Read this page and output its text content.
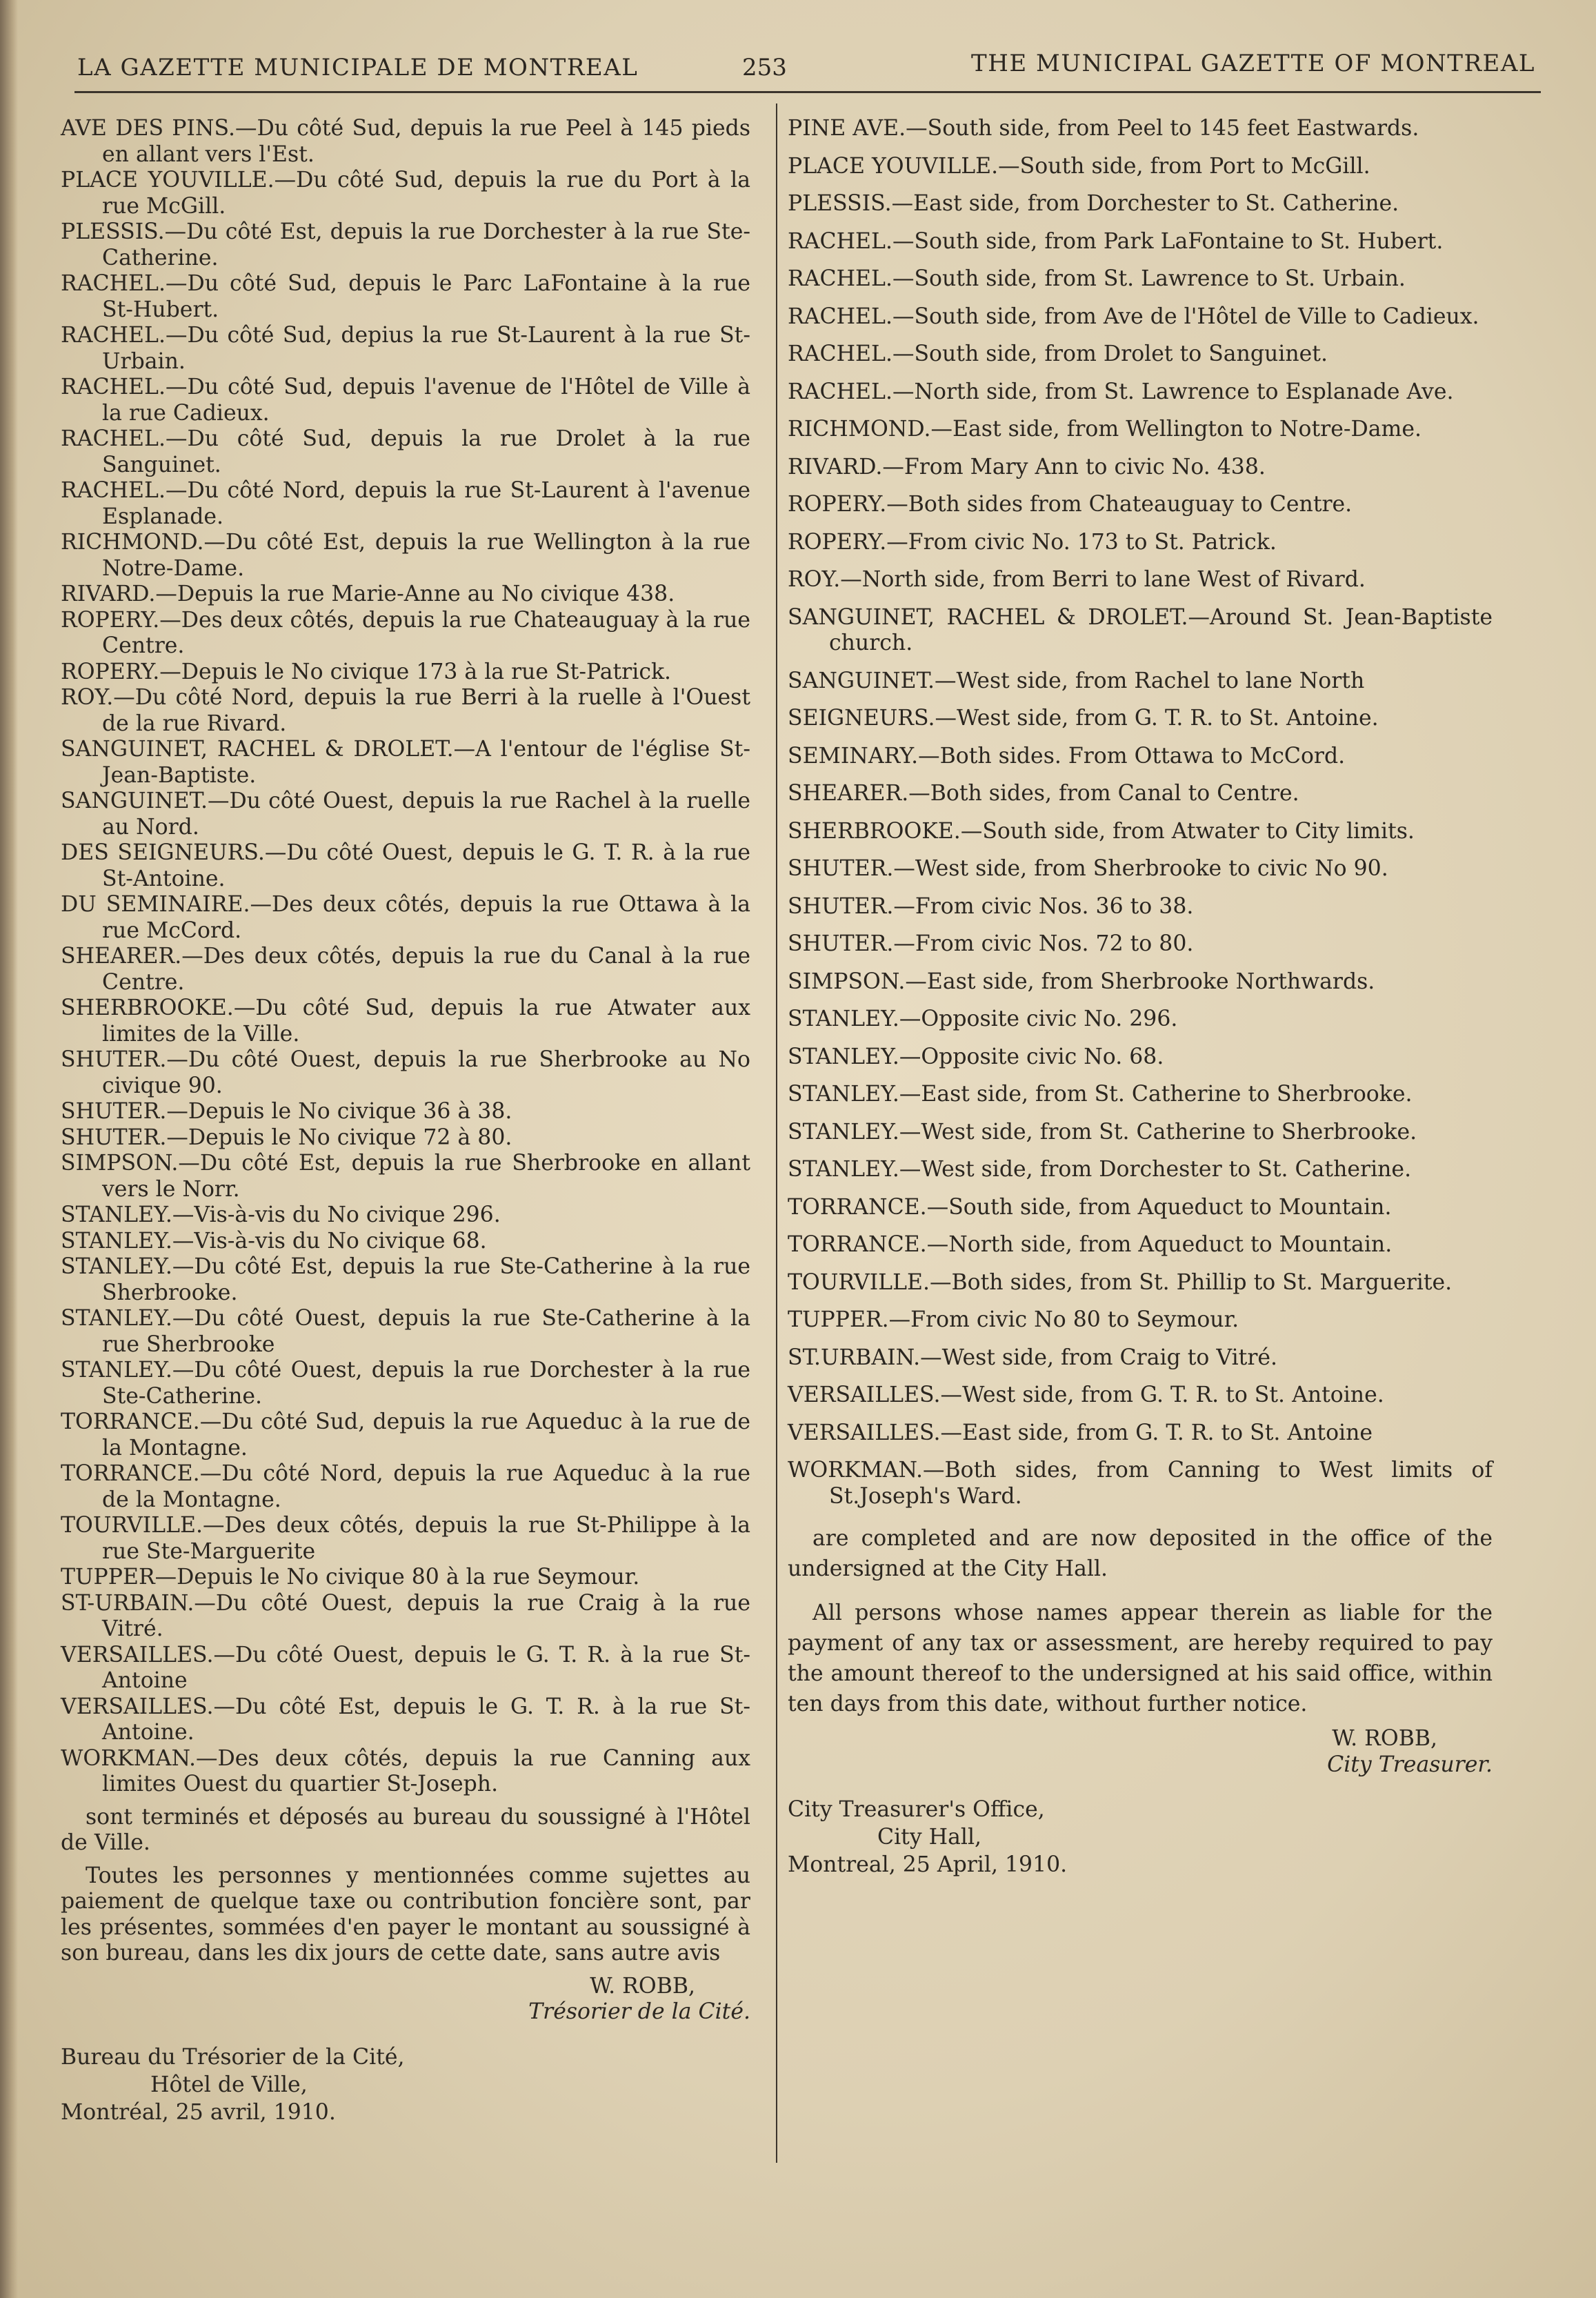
LA GAZETTE MUNICIPALE DE MONTREAL	253	THE MUNICIPAL GAZETTE OF MONTREAL
AVE DES PINS.—Du côté Sud, depuis la rue Peel à 145 pieds en allant vers l'Est.
PLACE YOUVILLE.—Du côté Sud, depuis la rue du Port à la rue McGill.
PLESSIS.—Du côté Est, depuis la rue Dorchester à la rue Ste-Catherine.
RACHEL.—Du côté Sud, depuis le Parc LaFontaine à la rue St-Hubert.
RACHEL.—Du côté Sud, depius la rue St-Laurent à la rue St-Urbain.
RACHEL.—Du côté Sud, depuis l'avenue de l'Hôtel de Ville à la rue Cadieux.
RACHEL.—Du côté Sud, depuis la rue Drolet à la rue Sanguinet.
RACHEL.—Du côté Nord, depuis la rue St-Laurent à l'avenue Esplanade.
RICHMOND.—Du côté Est, depuis la rue Wellington à la rue Notre-Dame.
RIVARD.—Depuis la rue Marie-Anne au No civique 438.
ROPERY.—Des deux côtés, depuis la rue Chateauguay à la rue Centre.
ROPERY.—Depuis le No civique 173 à la rue St-Patrick.
ROY.—Du côté Nord, depuis la rue Berri à la ruelle à l'Ouest de la rue Rivard.
SANGUINET, RACHEL & DROLET.—A l'entour de l'église St-Jean-Baptiste.
SANGUINET.—Du côté Ouest, depuis la rue Rachel à la ruelle au Nord.
DES SEIGNEURS.—Du côté Ouest, depuis le G. T. R. à la rue St-Antoine.
DU SEMINAIRE.—Des deux côtés, depuis la rue Ottawa à la rue McCord.
SHEARER.—Des deux côtés, depuis la rue du Canal à la rue Centre.
SHERBROOKE.—Du côté Sud, depuis la rue Atwater aux limites de la Ville.
SHUTER.—Du côté Ouest, depuis la rue Sherbrooke au No civique 90.
SHUTER.—Depuis le No civique 36 à 38.
SHUTER.—Depuis le No civique 72 à 80.
SIMPSON.—Du côté Est, depuis la rue Sherbrooke en allant vers le Norr.
STANLEY.—Vis-à-vis du No civique 296.
STANLEY.—Vis-à-vis du No civique 68.
STANLEY.—Du côté Est, depuis la rue Ste-Catherine à la rue Sherbrooke.
STANLEY.—Du côté Ouest, depuis la rue Ste-Catherine à la rue Sherbrooke
STANLEY.—Du côté Ouest, depuis la rue Dorchester à la rue Ste-Catherine.
TORRANCE.—Du côté Sud, depuis la rue Aqueduc à la rue de la Montagne.
TORRANCE.—Du côté Nord, depuis la rue Aqueduc à la rue de la Montagne.
TOURVILLE.—Des deux côtés, depuis la rue St-Philippe à la rue Ste-Marguerite
TUPPER—Depuis le No civique 80 à la rue Seymour.
ST-URBAIN.—Du côté Ouest, depuis la rue Craig à la rue Vitré.
VERSAILLES.—Du côté Ouest, depuis le G. T. R. à la rue St-Antoine
VERSAILLES.—Du côté Est, depuis le G. T. R. à la rue St-Antoine.
WORKMAN.—Des deux côtés, depuis la rue Canning aux limites Ouest du quartier St-Joseph.

sont terminés et déposés au bureau du soussigné à l'Hôtel de Ville.

Toutes les personnes y mentionnées comme sujettes au paiement de quelque taxe ou contribution foncière sont, par les présentes, sommées d'en payer le montant au soussigné à son bureau, dans les dix jours de cette date, sans autre avis

W. ROBB,
Trésorier de la Cité.
Bureau du Trésorier de la Cité,
Hôtel de Ville,
Montréal, 25 avril, 1910.
PINE AVE.—South side, from Peel to 145 feet Eastwards.
PLACE YOUVILLE.—South side, from Port to McGill.
PLESSIS.—East side, from Dorchester to St. Catherine.
RACHEL.—South side, from Park LaFontaine to St. Hubert.
RACHEL.—South side, from St. Lawrence to St. Urbain.
RACHEL.—South side, from Ave de l'Hôtel de Ville to Cadieux.
RACHEL.—South side, from Drolet to Sanguinet.
RACHEL.—North side, from St. Lawrence to Esplanade Ave.
RICHMOND.—East side, from Wellington to Notre-Dame.
RIVARD.—From Mary Ann to civic No. 438.
ROPERY.—Both sides from Chateauguay to Centre.
ROPERY.—From civic No. 173 to St. Patrick.
ROY.—North side, from Berri to lane West of Rivard.
SANGUINET, RACHEL & DROLET.—Around St. Jean-Baptiste church.
SANGUINET.—West side, from Rachel to lane North
SEIGNEURS.—West side, from G. T. R. to St. Antoine.
SEMINARY.—Both sides. From Ottawa to McCord.
SHEARER.—Both sides, from Canal to Centre.
SHERBROOKE.—South side, from Atwater to City limits.
SHUTER.—West side, from Sherbrooke to civic No 90.
SHUTER.—From civic Nos. 36 to 38.
SHUTER.—From civic Nos. 72 to 80.
SIMPSON.—East side, from Sherbrooke Northwards.
STANLEY.—Opposite civic No. 296.
STANLEY.—Opposite civic No. 68.
STANLEY.—East side, from St. Catherine to Sherbrooke.
STANLEY.—West side, from St. Catherine to Sherbrooke.
STANLEY.—West side, from Dorchester to St. Catherine.
TORRANCE.—South side, from Aqueduct to Mountain.
TORRANCE.—North side, from Aqueduct to Mountain.
TOURVILLE.—Both sides, from St. Phillip to St. Marguerite.
TUPPER.—From civic No 80 to Seymour.
ST.URBAIN.—West side, from Craig to Vitré.
VERSAILLES.—West side, from G. T. R. to St. Antoine.
VERSAILLES.—East side, from G. T. R. to St. Antoine
WORKMAN.—Both sides, from Canning to West limits of St.Joseph's Ward.

are completed and are now deposited in the office of the undersigned at the City Hall.

All persons whose names appear therein as liable for the payment of any tax or assessment, are hereby required to pay the amount thereof to the undersigned at his said office, within ten days from this date, without further notice.

W. ROBB,
City Treasurer.
City Treasurer's Office,
City Hall,
Montreal, 25 April, 1910.
